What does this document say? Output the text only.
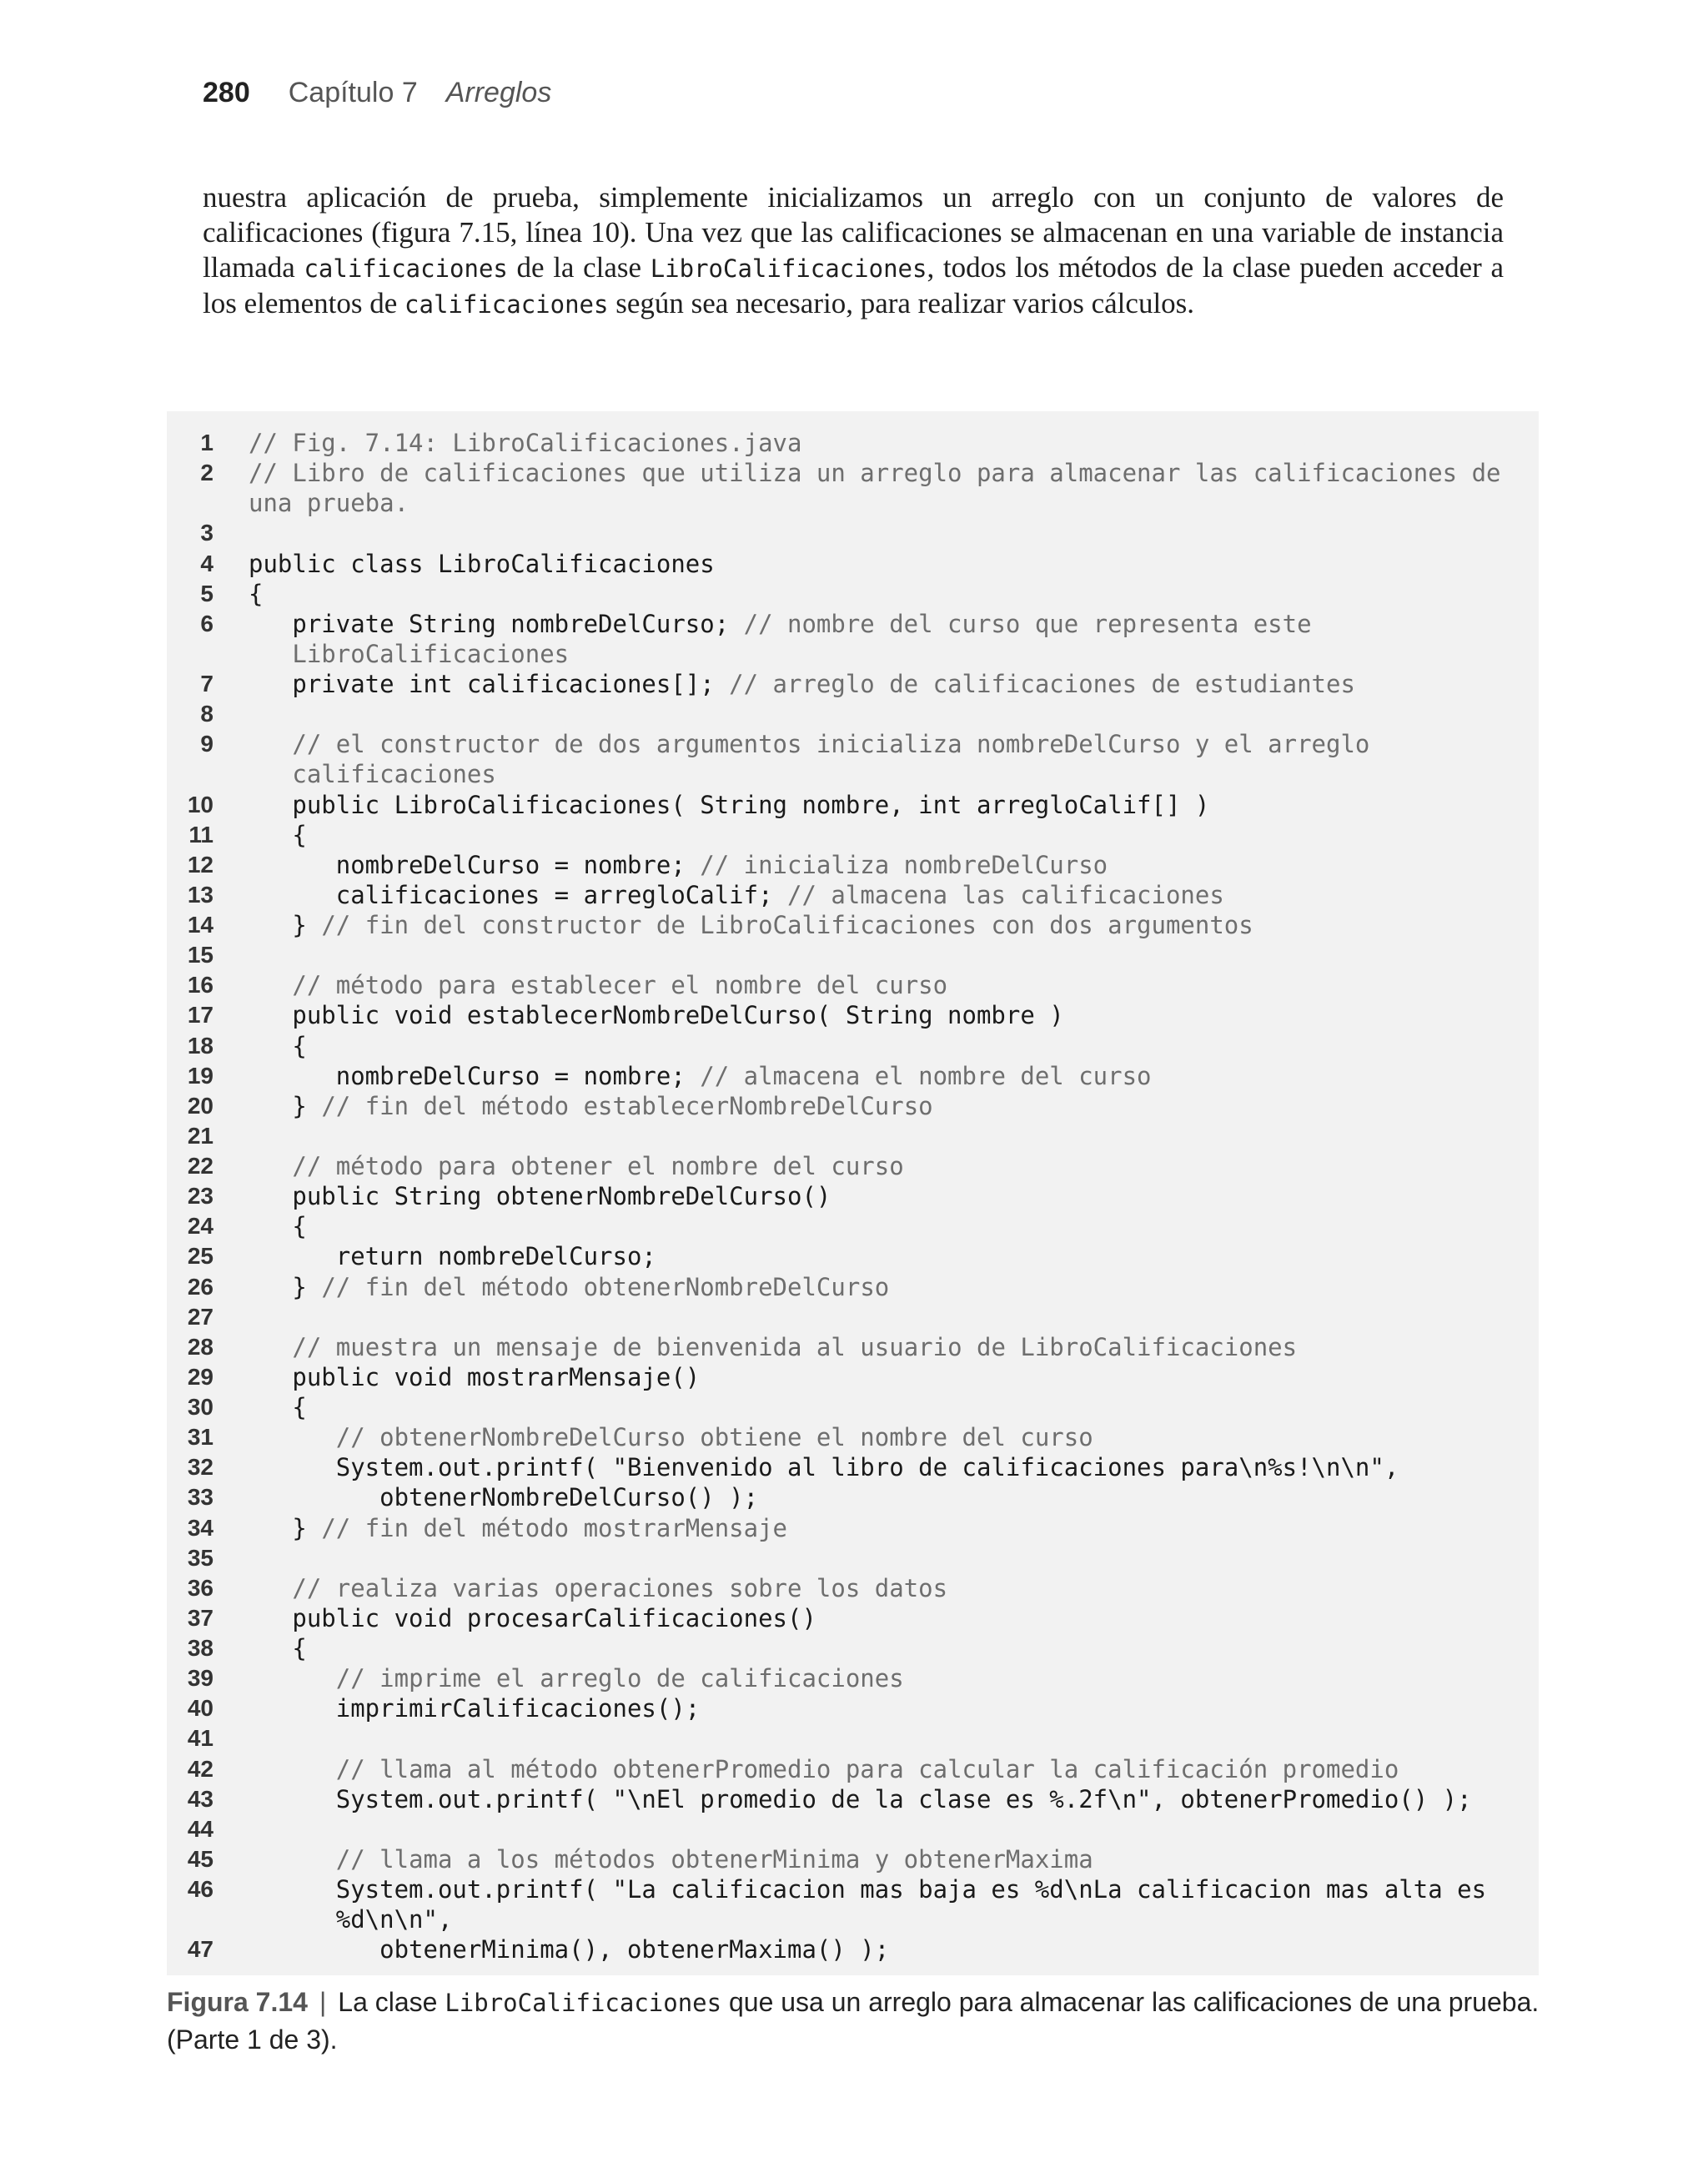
280 Capítulo 7 Arreglos

nuestra aplicación de prueba, simplemente inicializamos un arreglo con un conjunto de valores de calificaciones (figura 7.15, línea 10). Una vez que las calificaciones se almacenan en una variable de instancia llamada calificaciones de la clase LibroCalificaciones, todos los métodos de la clase pueden acceder a los elementos de calificaciones según sea necesario, para realizar varios cálculos.

1 // Fig. 7.14: LibroCalificaciones.java
2 // Libro de calificaciones que utiliza un arreglo para almacenar las calificaciones de
una prueba.
3
4 public class LibroCalificaciones
5 {
6 private String nombreDelCurso; // nombre del curso que representa este
LibroCalificaciones
7 private int calificaciones[]; // arreglo de calificaciones de estudiantes
8
9	// el constructor de dos argumentos inicializa nombreDelCurso y el arreglo
calificaciones
10 public LibroCalificaciones( String nombre, int arregloCalif[] )
11 {
12 nombreDelCurso = nombre; // inicializa nombreDelCurso
13 calificaciones = arregloCalif; // almacena las calificaciones
14 } // fin del constructor de LibroCalificaciones con dos argumentos
15
16	// método para establecer el nombre del curso
17 public void establecerNombreDelCurso( String nombre )
18 {
19 nombreDelCurso = nombre; // almacena el nombre del curso
20 } // fin del método establecerNombreDelCurso
21
22	// método para obtener el nombre del curso
23 public String obtenerNombreDelCurso()
24 {
25 return nombreDelCurso;
26 } // fin del método obtenerNombreDelCurso
27
28	// muestra un mensaje de bienvenida al usuario de LibroCalificaciones
29 public void mostrarMensaje()
30 {
31	// obtenerNombreDelCurso obtiene el nombre del curso
32 System.out.printf( "Bienvenido al libro de calificaciones para\n%s!\n\n",
33 obtenerNombreDelCurso() );
34 } // fin del método mostrarMensaje
35
36	// realiza varias operaciones sobre los datos
37 public void procesarCalificaciones()
38 {
39	// imprime el arreglo de calificaciones
40 imprimirCalificaciones();
41
42	// llama al método obtenerPromedio para calcular la calificación promedio
43 System.out.printf( "\nEl promedio de la clase es %.2f\n", obtenerPromedio() );
44
45	// llama a los métodos obtenerMinima y obtenerMaxima
46 System.out.printf( "La calificacion mas baja es %d\nLa calificacion mas alta es
%d\n\n",
47 obtenerMinima(), obtenerMaxima() );

Figura 7.14 | La clase LibroCalificaciones que usa un arreglo para almacenar las calificaciones de una prueba. (Parte 1 de 3).
